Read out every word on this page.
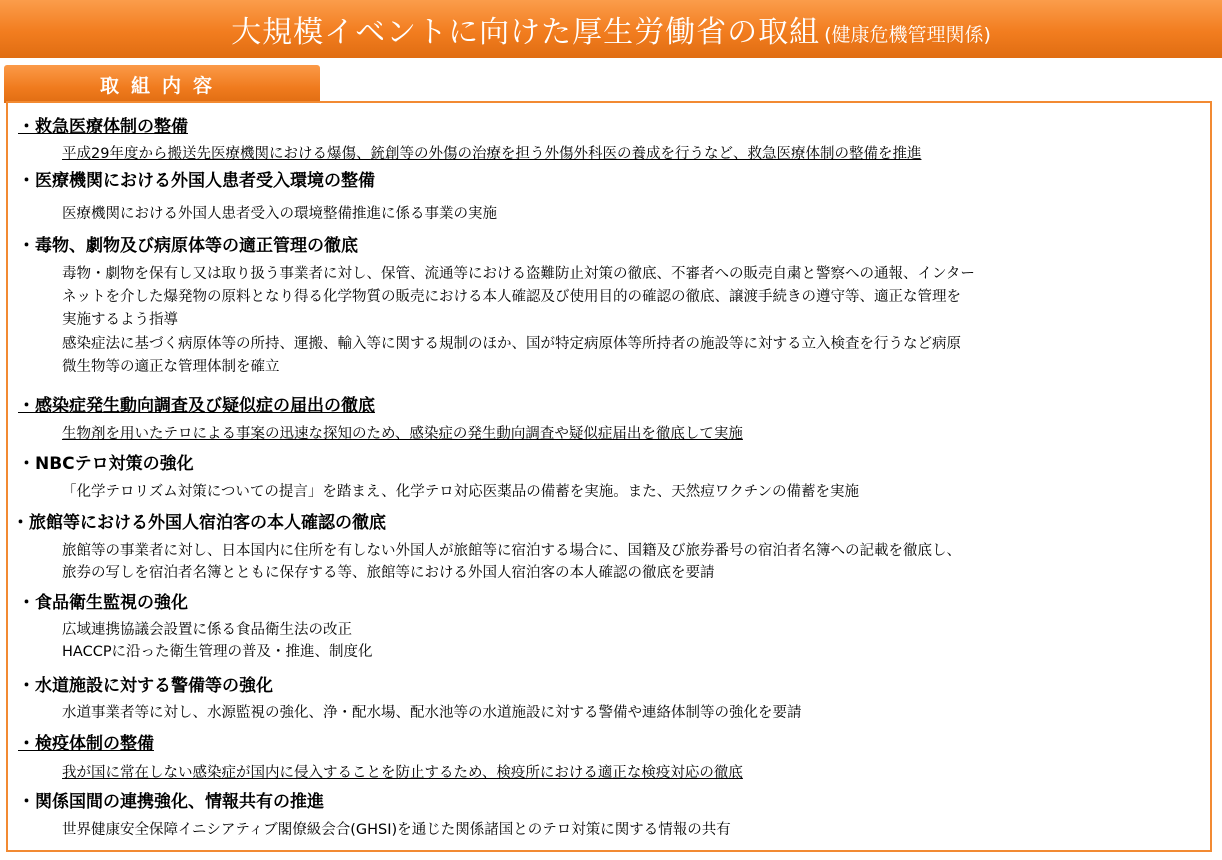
大規模イベントに向けた厚生労働省の取組 (健康危機管理関係)
取組内容
・救急医療体制の整備
平成29年度から搬送先医療機関における爆傷、銃創等の外傷の治療を担う外傷外科医の養成を行うなど、救急医療体制の整備を推進
・医療機関における外国人患者受入環境の整備
医療機関における外国人患者受入の環境整備推進に係る事業の実施
・毒物、劇物及び病原体等の適正管理の徹底
毒物・劇物を保有し又は取り扱う事業者に対し、保管、流通等における盗難防止対策の徹底、不審者への販売自粛と警察への通報、インター
ネットを介した爆発物の原料となり得る化学物質の販売における本人確認及び使用目的の確認の徹底、譲渡手続きの遵守等、適正な管理を
実施するよう指導
感染症法に基づく病原体等の所持、運搬、輸入等に関する規制のほか、国が特定病原体等所持者の施設等に対する立入検査を行うなど病原
微生物等の適正な管理体制を確立
・感染症発生動向調査及び疑似症の届出の徹底
生物剤を用いたテロによる事案の迅速な探知のため、感染症の発生動向調査や疑似症届出を徹底して実施
・NBCテロ対策の強化
「化学テロリズム対策についての提言」を踏まえ、化学テロ対応医薬品の備蓄を実施。また、天然痘ワクチンの備蓄を実施
・旅館等における外国人宿泊客の本人確認の徹底
旅館等の事業者に対し、日本国内に住所を有しない外国人が旅館等に宿泊する場合に、国籍及び旅券番号の宿泊者名簿への記載を徹底し、
旅券の写しを宿泊者名簿とともに保存する等、旅館等における外国人宿泊客の本人確認の徹底を要請
・食品衛生監視の強化
広域連携協議会設置に係る食品衛生法の改正
HACCPに沿った衛生管理の普及・推進、制度化
・水道施設に対する警備等の強化
水道事業者等に対し、水源監視の強化、浄・配水場、配水池等の水道施設に対する警備や連絡体制等の強化を要請
・検疫体制の整備
我が国に常在しない感染症が国内に侵入することを防止するため、検疫所における適正な検疫対応の徹底
・関係国間の連携強化、情報共有の推進
世界健康安全保障イニシアティブ閣僚級会合(GHSI)を通じた関係諸国とのテロ対策に関する情報の共有
